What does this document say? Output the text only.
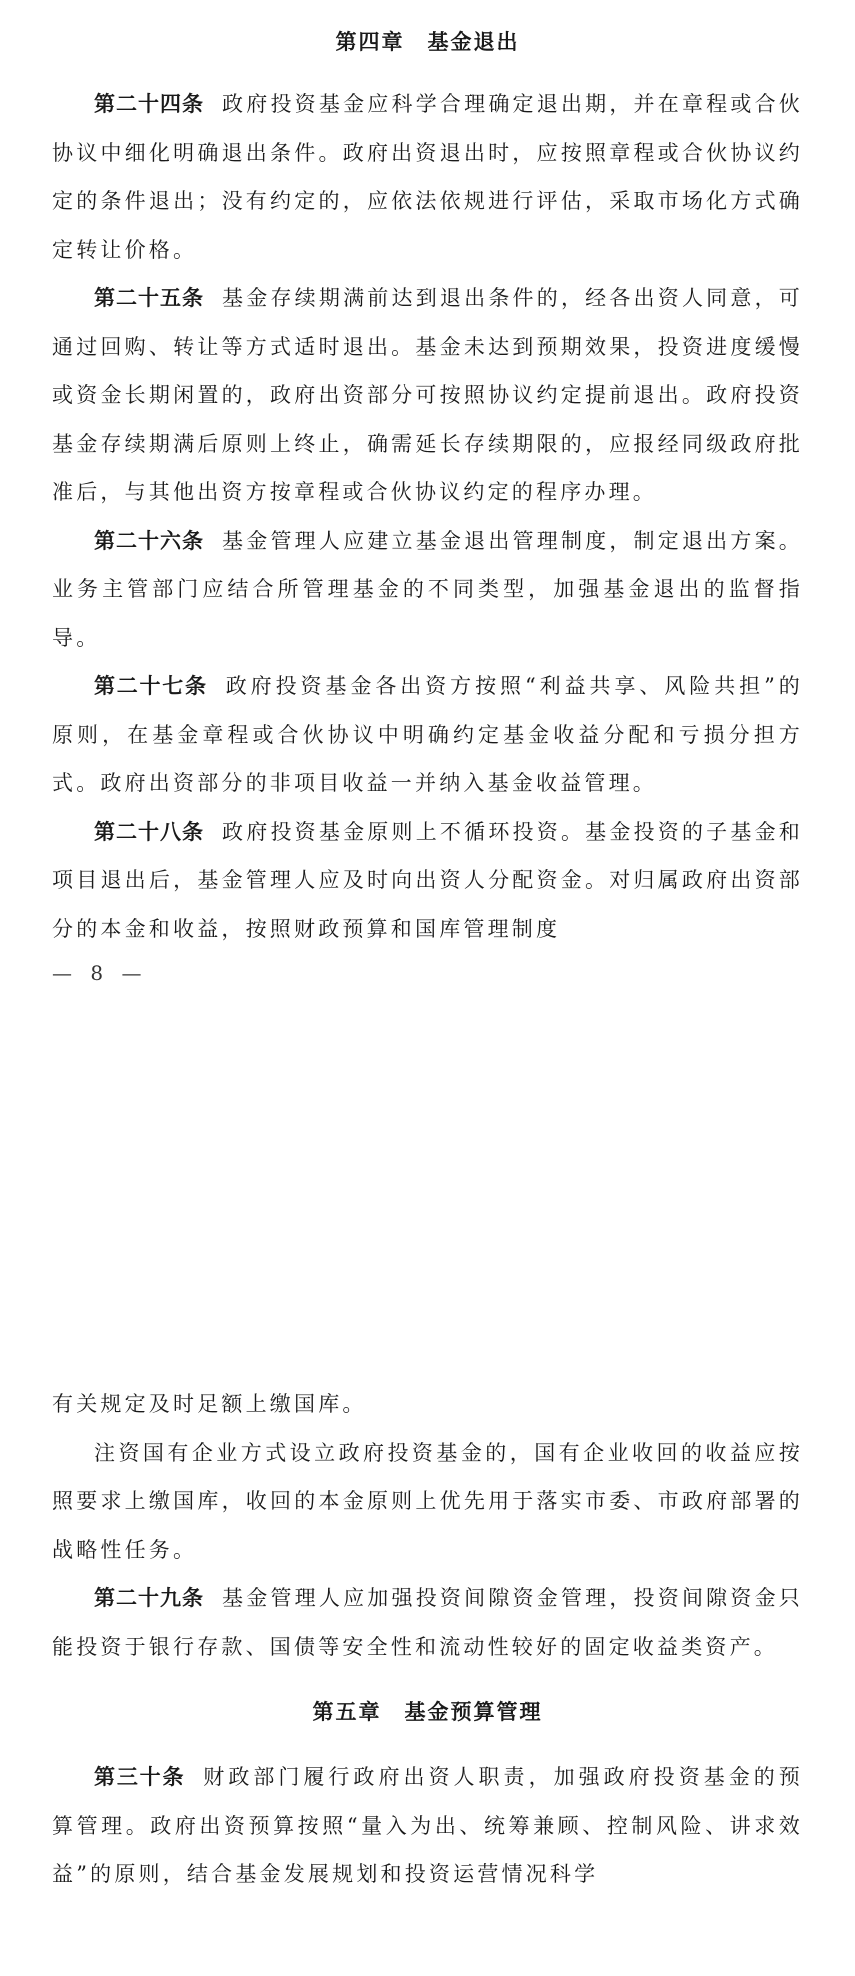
第四章　基金退出

第二十四条 政府投资基金应科学合理确定退出期，并在章程或合伙协议中细化明确退出条件。政府出资退出时，应按照章程或合伙协议约定的条件退出；没有约定的，应依法依规进行评估，采取市场化方式确定转让价格。

第二十五条 基金存续期满前达到退出条件的，经各出资人同意，可通过回购、转让等方式适时退出。基金未达到预期效果，投资进度缓慢或资金长期闲置的，政府出资部分可按照协议约定提前退出。政府投资基金存续期满后原则上终止，确需延长存续期限的，应报经同级政府批准后，与其他出资方按章程或合伙协议约定的程序办理。

第二十六条 基金管理人应建立基金退出管理制度，制定退出方案。业务主管部门应结合所管理基金的不同类型，加强基金退出的监督指导。

第二十七条 政府投资基金各出资方按照“利益共享、风险共担”的原则，在基金章程或合伙协议中明确约定基金收益分配和亏损分担方式。政府出资部分的非项目收益一并纳入基金收益管理。

第二十八条 政府投资基金原则上不循环投资。基金投资的子基金和项目退出后，基金管理人应及时向出资人分配资金。对归属政府出资部分的本金和收益，按照财政预算和国库管理制度

— 8 —

有关规定及时足额上缴国库。

注资国有企业方式设立政府投资基金的，国有企业收回的收益应按照要求上缴国库，收回的本金原则上优先用于落实市委、市政府部署的战略性任务。

第二十九条 基金管理人应加强投资间隙资金管理，投资间隙资金只能投资于银行存款、国债等安全性和流动性较好的固定收益类资产。

第五章　基金预算管理

第三十条 财政部门履行政府出资人职责，加强政府投资基金的预算管理。政府出资预算按照“量入为出、统筹兼顾、控制风险、讲求效益”的原则，结合基金发展规划和投资运营情况科学
